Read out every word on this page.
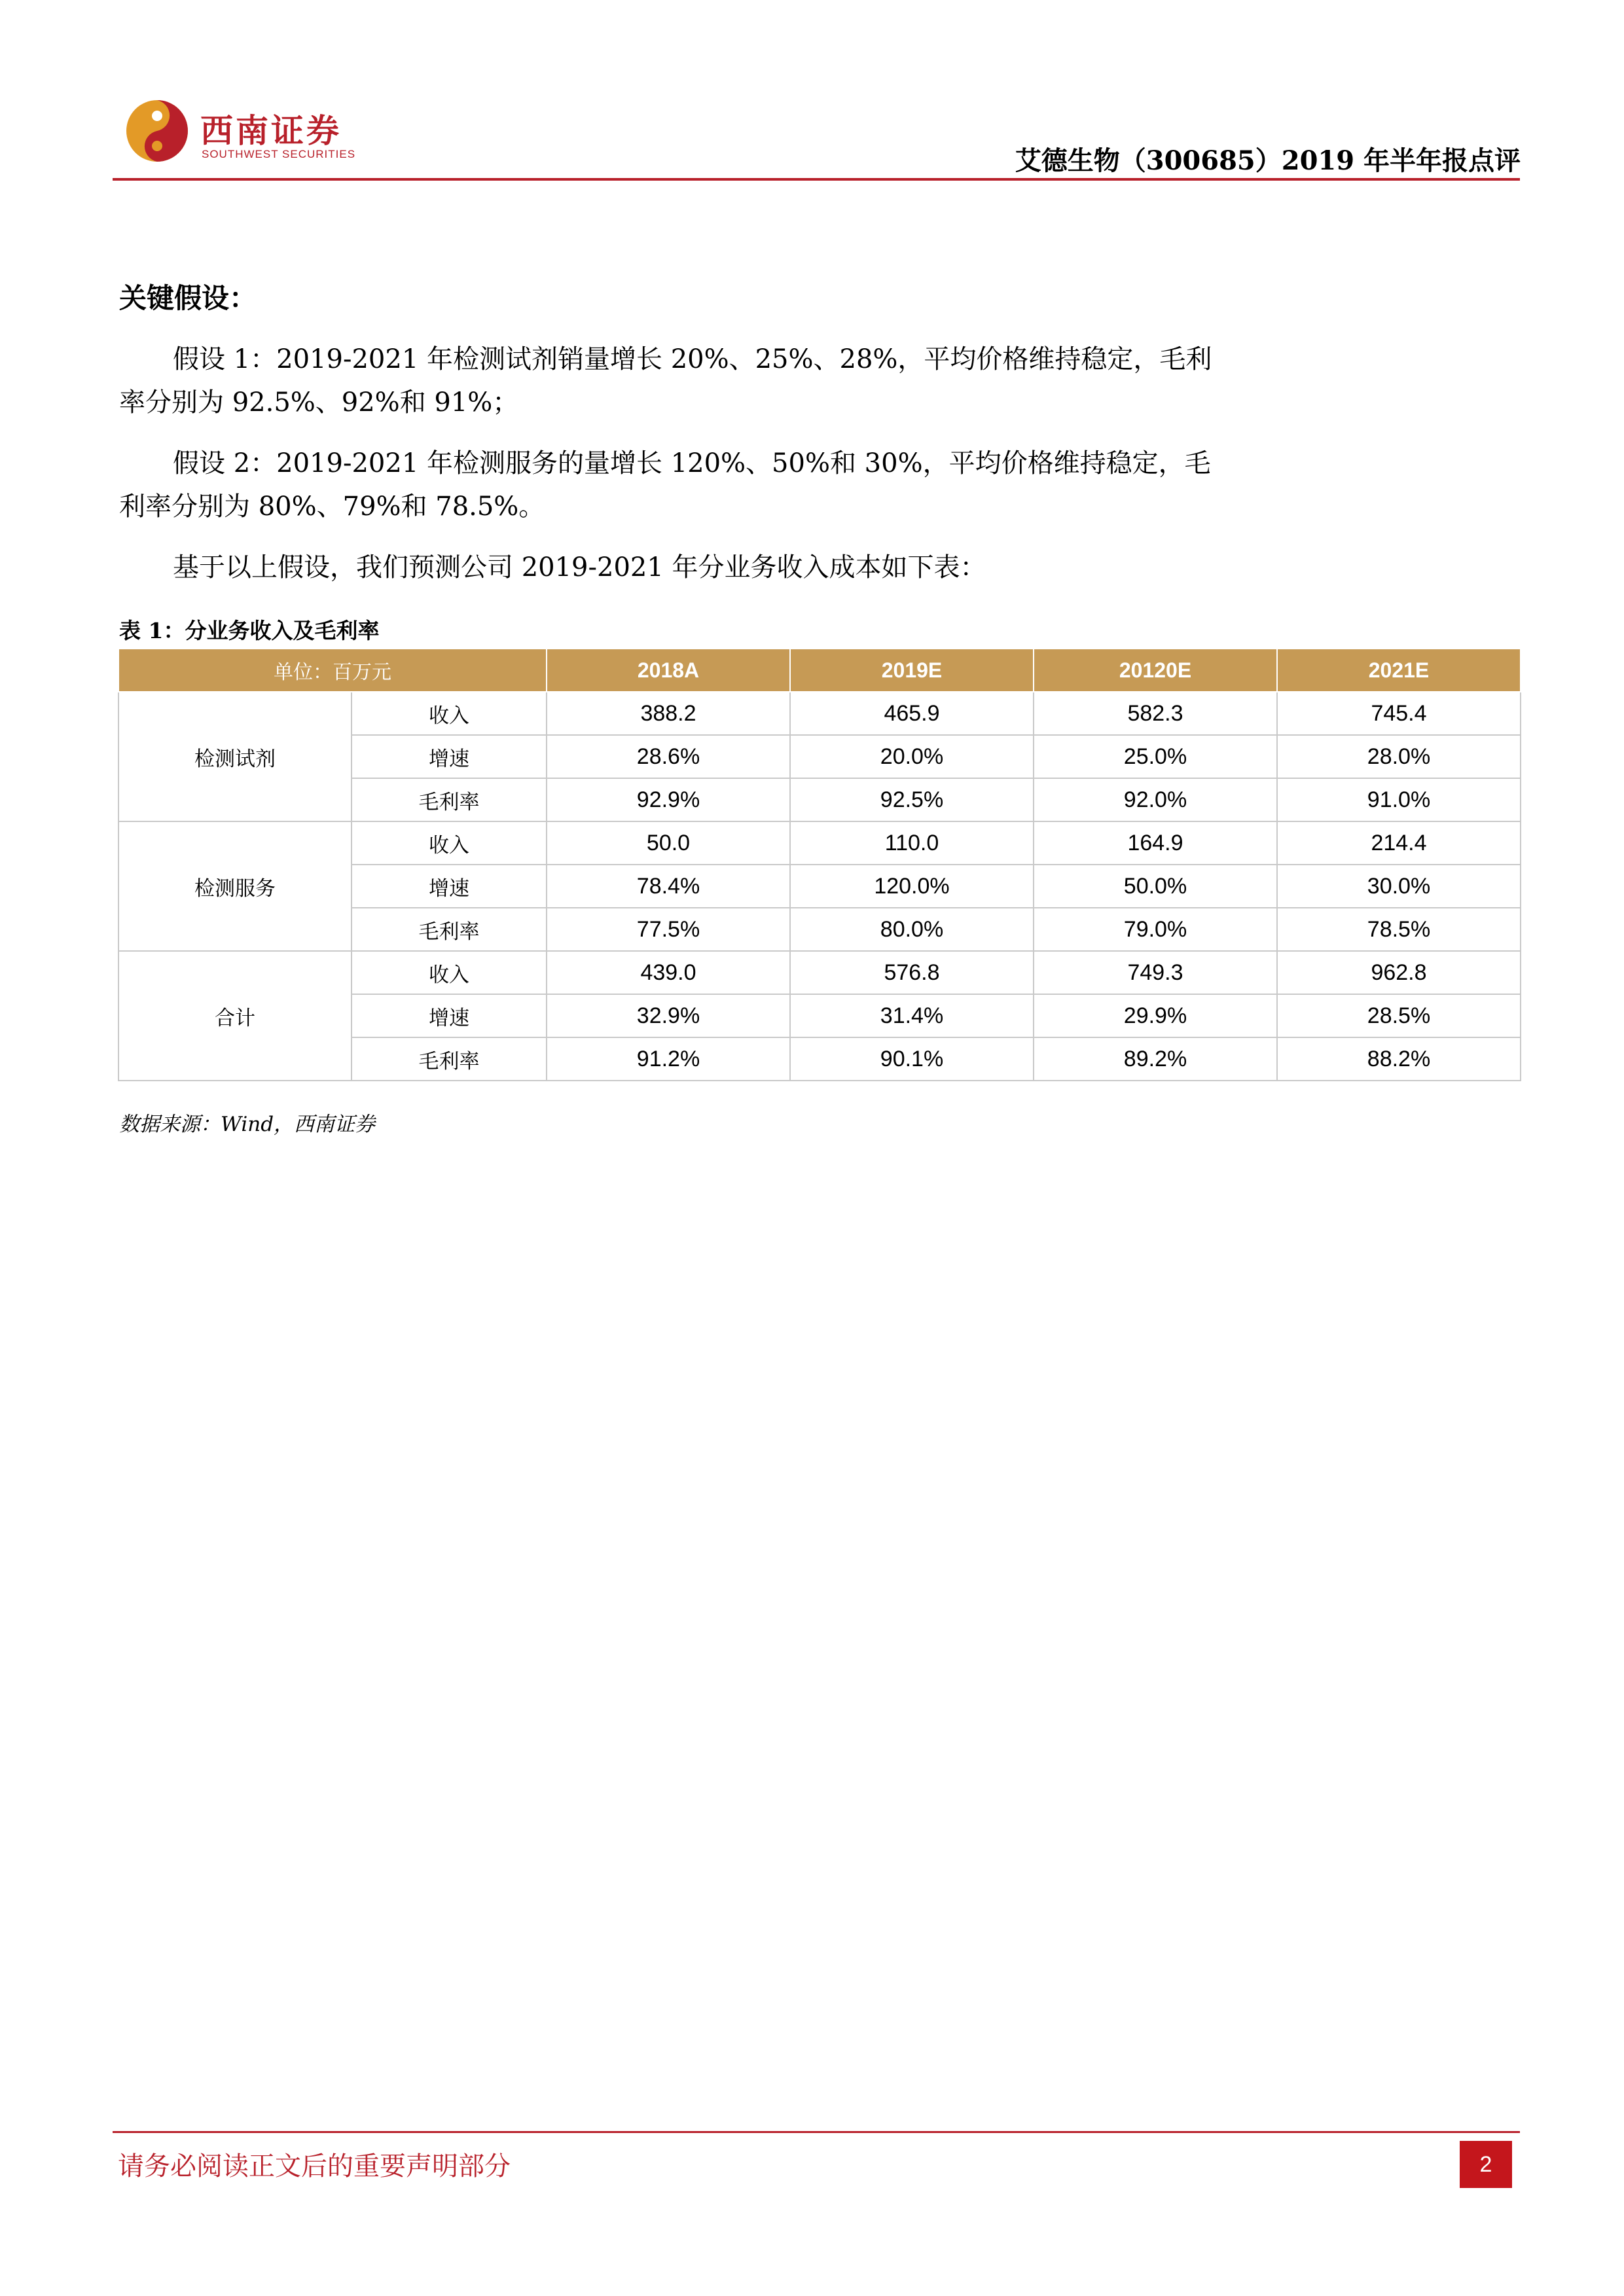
西南证券
SOUTHWEST SECURITIES	艾德生物（300685）2019 年半年报点评
关键假设：
假设 1：2019-2021 年检测试剂销量增长 20%、25%、28%，平均价格维持稳定，毛利
率分别为 92.5%、92%和 91%；
假设 2：2019-2021 年检测服务的量增长 120%、50%和 30%，平均价格维持稳定，毛
利率分别为 80%、79%和 78.5%。
基于以上假设，我们预测公司 2019-2021 年分业务收入成本如下表：
表 1：分业务收入及毛利率
单位：百万元		2018A	2019E	20120E	2021E
检测试剂	收入	388.2	465.9	582.3	745.4
	增速	28.6%	20.0%	25.0%	28.0%
	毛利率	92.9%	92.5%	92.0%	91.0%
检测服务	收入	50.0	110.0	164.9	214.4
	增速	78.4%	120.0%	50.0%	30.0%
	毛利率	77.5%	80.0%	79.0%	78.5%
合计	收入	439.0	576.8	749.3	962.8
	增速	32.9%	31.4%	29.9%	28.5%
	毛利率	91.2%	90.1%	89.2%	88.2%
数据来源：Wind，西南证券
请务必阅读正文后的重要声明部分	2
